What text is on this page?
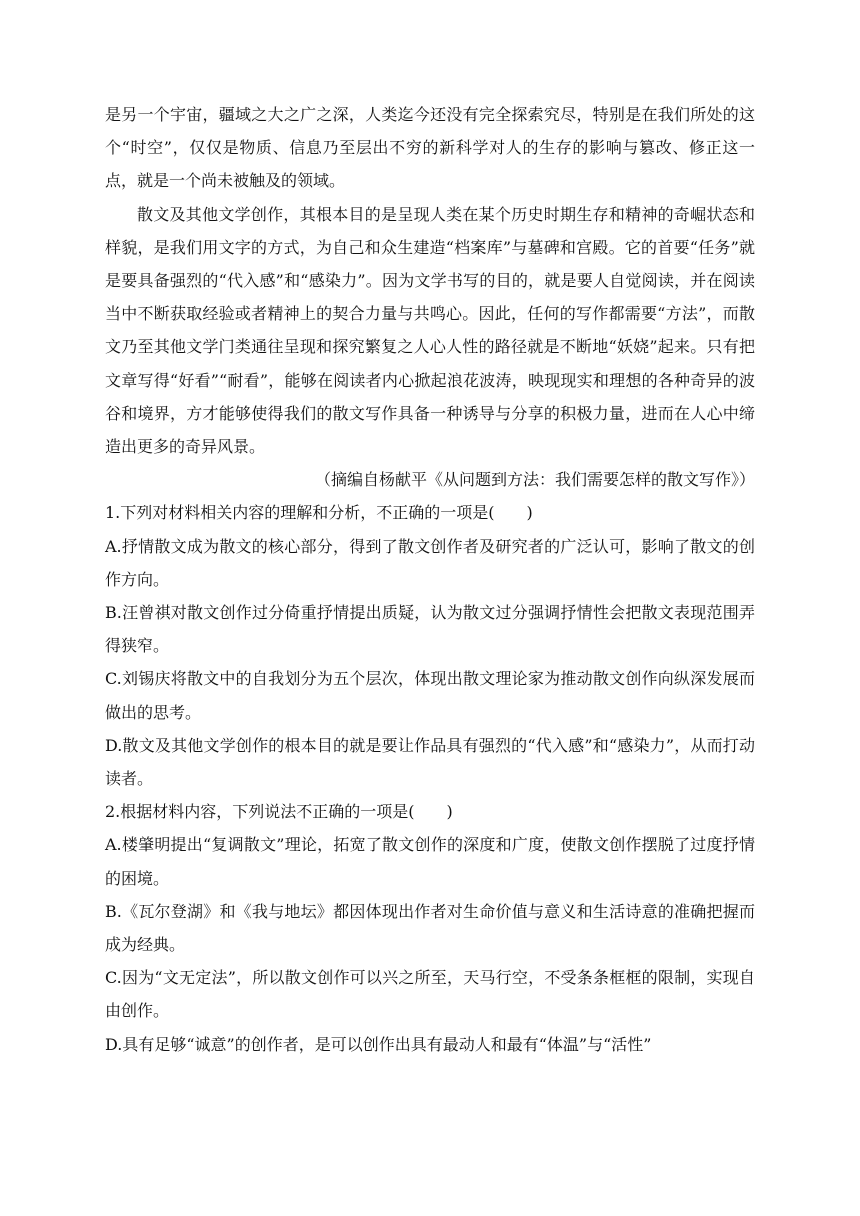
是另一个宇宙，疆域之大之广之深，人类迄今还没有完全探索究尽，特别是在我们所处的这个“时空”，仅仅是物质、信息乃至层出不穷的新科学对人的生存的影响与篡改、修正这一点，就是一个尚未被触及的领域。

散文及其他文学创作，其根本目的是呈现人类在某个历史时期生存和精神的奇崛状态和样貌，是我们用文字的方式，为自己和众生建造“档案库”与墓碑和宫殿。它的首要“任务”就是要具备强烈的“代入感”和“感染力”。因为文学书写的目的，就是要人自觉阅读，并在阅读当中不断获取经验或者精神上的契合力量与共鸣心。因此，任何的写作都需要“方法”，而散文乃至其他文学门类通往呈现和探究繁复之人心人性的路径就是不断地“妖娆”起来。只有把文章写得“好看”“耐看”，能够在阅读者内心掀起浪花波涛，映现现实和理想的各种奇异的波谷和境界，方才能够使得我们的散文写作具备一种诱导与分享的积极力量，进而在人心中缔造出更多的奇异风景。

（摘编自杨献平《从问题到方法：我们需要怎样的散文写作》）

1.下列对材料相关内容的理解和分析，不正确的一项是(　　)

A.抒情散文成为散文的核心部分，得到了散文创作者及研究者的广泛认可，影响了散文的创作方向。

B.汪曾祺对散文创作过分倚重抒情提出质疑，认为散文过分强调抒情性会把散文表现范围弄得狭窄。

C.刘锡庆将散文中的自我划分为五个层次，体现出散文理论家为推动散文创作向纵深发展而做出的思考。

D.散文及其他文学创作的根本目的就是要让作品具有强烈的“代入感”和“感染力”，从而打动读者。

2.根据材料内容，下列说法不正确的一项是(　　)

A.楼肇明提出“复调散文”理论，拓宽了散文创作的深度和广度，使散文创作摆脱了过度抒情的困境。

B.《瓦尔登湖》和《我与地坛》都因体现出作者对生命价值与意义和生活诗意的准确把握而成为经典。

C.因为“文无定法”，所以散文创作可以兴之所至，天马行空，不受条条框框的限制，实现自由创作。

D.具有足够“诚意”的创作者，是可以创作出具有最动人和最有“体温”与“活性”
